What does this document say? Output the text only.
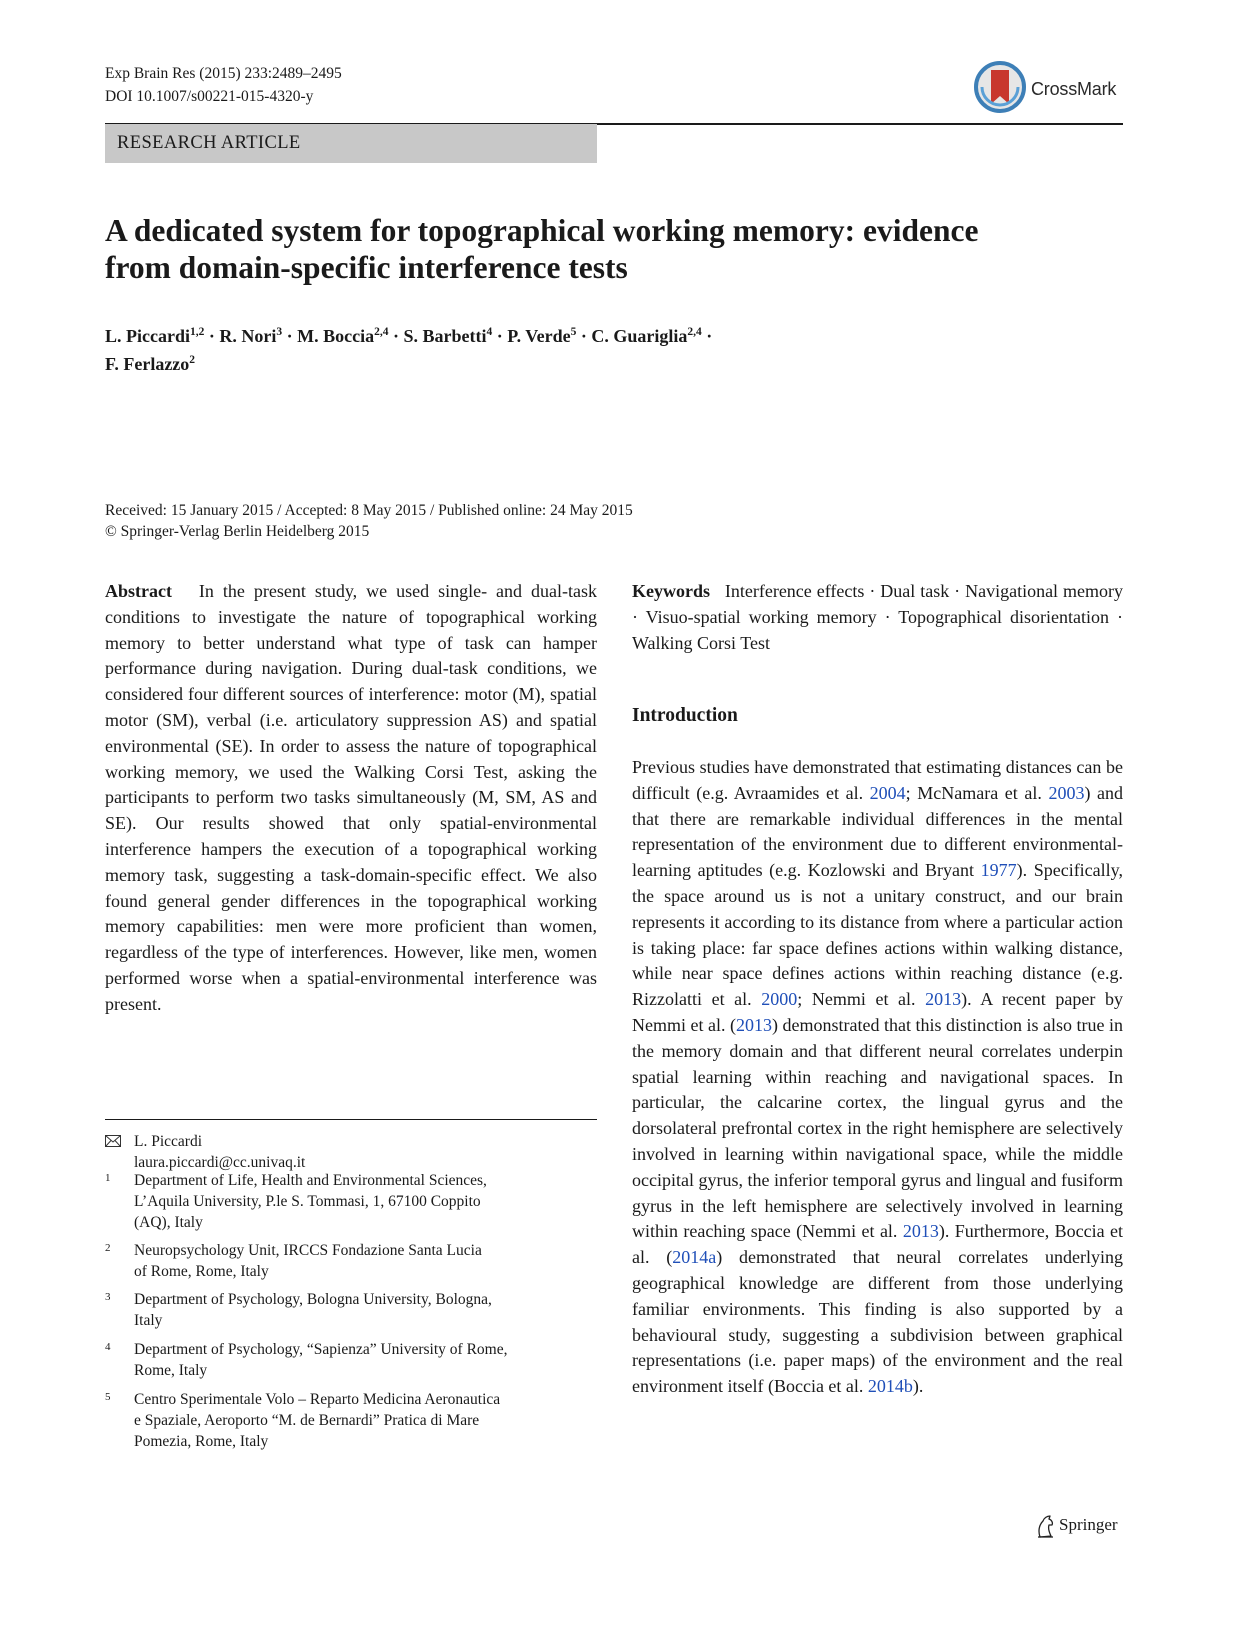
Exp Brain Res (2015) 233:2489–2495
DOI 10.1007/s00221-015-4320-y	CrossMark
RESEARCH ARTICLE
A dedicated system for topographical working memory: evidence
from domain-specific interference tests
L. Piccardi$^{1,2}$ · R. Nori$^3$ · M. Boccia$^{2,4}$ · S. Barbetti$^4$ · P. Verde$^5$ · C. Guariglia$^{2,4}$ ·
F. Ferlazzo$^2$
Received: 15 January 2015 / Accepted: 8 May 2015 / Published online: 24 May 2015
© Springer-Verlag Berlin Heidelberg 2015

Abstract In the present study, we used single- and dual-task conditions to investigate the nature of topographical working memory to better understand what type of task can hamper performance during navigation. During dual-task conditions, we considered four different sources of interference: motor (M), spatial motor (SM), verbal (i.e. articulatory suppression AS) and spatial environmental (SE). In order to assess the nature of topographical working memory, we used the Walking Corsi Test, asking the participants to perform two tasks simultaneously (M, SM, AS and SE). Our results showed that only spatial-environmental interference hampers the execution of a topographical working memory task, suggesting a task-domain-specific effect. We also found general gender differences in the topographical working memory capabilities: men were more proficient than women, regardless of the type of interferences. However, like men, women performed worse when a spatial-environmental interference was present.

Keywords Interference effects · Dual task · Navigational memory · Visuo-spatial working memory · Topographical disorientation · Walking Corsi Test

Introduction

Previous studies have demonstrated that estimating distances can be difficult (e.g. Avraamides et al. 2004; McNamara et al. 2003) and that there are remarkable individual differences in the mental representation of the environment due to different environmental-learning aptitudes (e.g. Kozlowski and Bryant 1977). Specifically, the space around us is not a unitary construct, and our brain represents it according to its distance from where a particular action is taking place: far space defines actions within walking distance, while near space defines actions within reaching distance (e.g. Rizzolatti et al. 2000; Nemmi et al. 2013). A recent paper by Nemmi et al. (2013) demonstrated that this distinction is also true in the memory domain and that different neural correlates underpin spatial learning within reaching and navigational spaces. In particular, the calcarine cortex, the lingual gyrus and the dorsolateral prefrontal cortex in the right hemisphere are selectively involved in learning within navigational space, while the middle occipital gyrus, the inferior temporal gyrus and lingual and fusiform gyrus in the left hemisphere are selectively involved in learning within reaching space (Nemmi et al. 2013). Furthermore, Boccia et al. (2014a) demonstrated that neural correlates underlying geographical knowledge are different from those underlying familiar environments. This finding is also supported by a behavioural study, suggesting a subdivision between graphical representations (i.e. paper maps) of the environment and the real environment itself (Boccia et al. 2014b).

L. Piccardi
laura.piccardi@cc.univaq.it
1 Department of Life, Health and Environmental Sciences,
L’Aquila University, P.le S. Tommasi, 1, 67100 Coppito
(AQ), Italy
2 Neuropsychology Unit, IRCCS Fondazione Santa Lucia
of Rome, Rome, Italy
3 Department of Psychology, Bologna University, Bologna,
Italy
4 Department of Psychology, “Sapienza” University of Rome,
Rome, Italy
5 Centro Sperimentale Volo – Reparto Medicina Aeronautica
e Spaziale, Aeroporto “M. de Bernardi” Pratica di Mare
Pomezia, Rome, Italy
Springer
